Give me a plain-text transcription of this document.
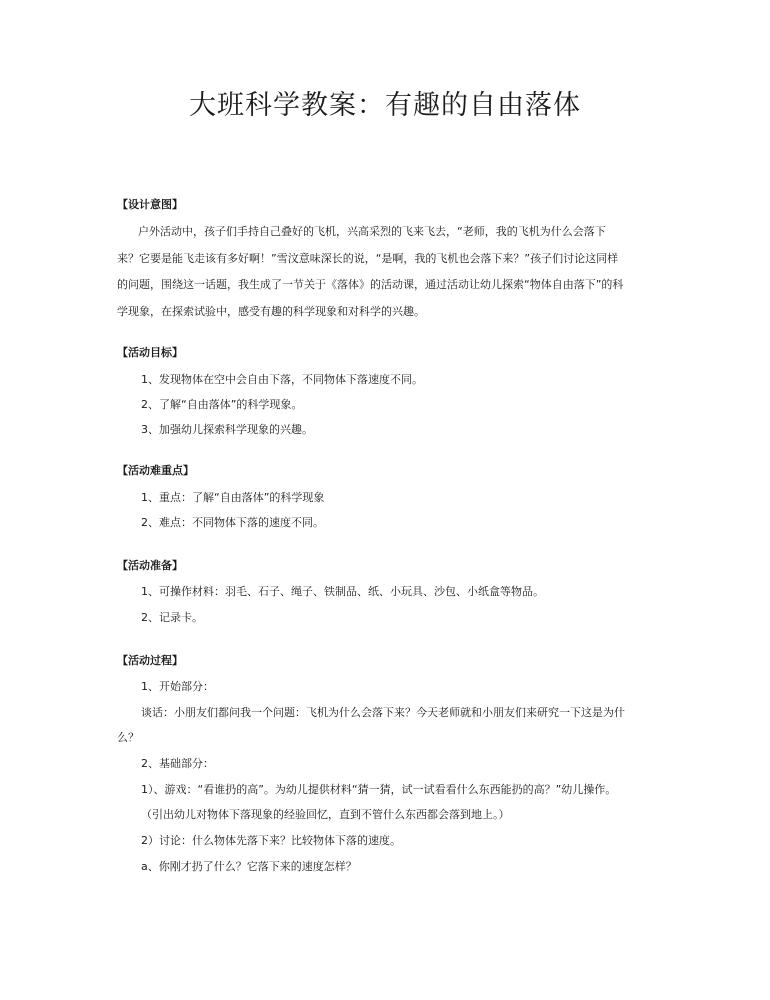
大班科学教案：有趣的自由落体
【设计意图】
户外活动中，孩子们手持自己叠好的飞机，兴高采烈的飞来飞去，“老师，我的飞机为什么会落下
来？它要是能飞走该有多好啊！”雪汶意味深长的说，“是啊，我的飞机也会落下来？”孩子们讨论这同样
的问题，围绕这一话题，我生成了一节关于《落体》的活动课，通过活动让幼儿探索“物体自由落下”的科
学现象，在探索试验中，感受有趣的科学现象和对科学的兴趣。
【活动目标】
1、发现物体在空中会自由下落，不同物体下落速度不同。
2、了解“自由落体”的科学现象。
3、加强幼儿探索科学现象的兴趣。
【活动难重点】
1、重点：了解“自由落体”的科学现象
2、难点：不同物体下落的速度不同。
【活动准备】
1、可操作材料：羽毛、石子、绳子、铁制品、纸、小玩具、沙包、小纸盒等物品。
2、记录卡。
【活动过程】
1、开始部分：
谈话：小朋友们都问我一个问题：飞机为什么会落下来？今天老师就和小朋友们来研究一下这是为什
么？
2、基础部分：
1）、游戏：“看谁扔的高”。为幼儿提供材料“猜一猜，试一试看看什么东西能扔的高？”幼儿操作。
（引出幼儿对物体下落现象的经验回忆，直到不管什么东西都会落到地上。）
2）讨论：什么物体先落下来？比较物体下落的速度。
a、你刚才扔了什么？它落下来的速度怎样？
